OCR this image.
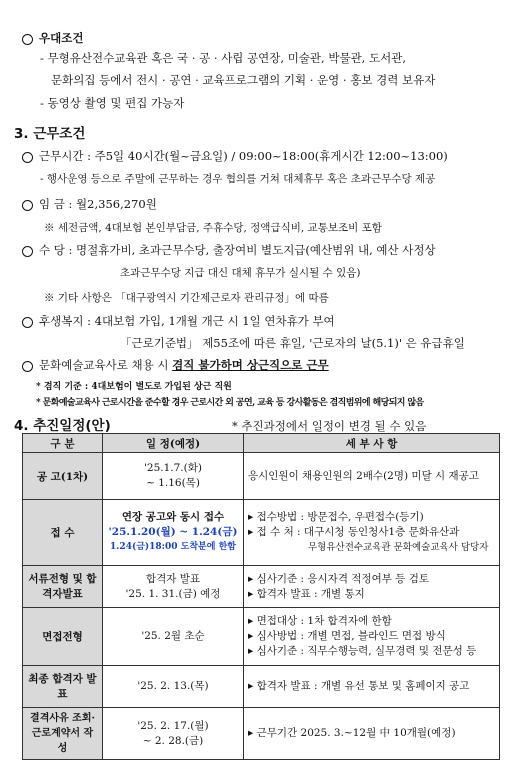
우대조건
- 무형유산전수교육관 혹은 국 · 공 · 사립 공연장, 미술관, 박물관, 도서관,
문화의집 등에서 전시 · 공연 · 교육프로그램의 기획 · 운영 · 홍보 경력 보유자
- 동영상 촬영 및 편집 가능자
3. 근무조건
근무시간 : 주5일 40시간(월~금요일) / 09:00~18:00(휴게시간 12:00~13:00)
- 행사운영 등으로 주말에 근무하는 경우 협의를 거쳐 대체휴무 혹은 초과근무수당 제공
임 금 : 월2,356,270원
※ 세전금액, 4대보험 본인부담금, 주휴수당, 정액급식비, 교통보조비 포함
수 당 : 명절휴가비, 초과근무수당, 출장여비 별도지급(예산범위 내, 예산 사정상
초과근무수당 지급 대신 대체 휴무가 실시될 수 있음)
※ 기타 사항은 「대구광역시 기간제근로자 관리규정」에 따름
후생복지 : 4대보험 가입, 1개월 개근 시 1일 연차휴가 부여
「근로기준법」 제55조에 따른 휴일, '근로자의 날(5.1)' 은 유급휴일
문화예술교육사로 채용 시 겸직 불가하며 상근직으로 근무
* 겸직 기준 : 4대보험이 별도로 가입된 상근 직원
* 문화예술교육사 근로시간을 준수할 경우 근로시간 외 공연, 교육 등 강사활동은 겸직범위에 해당되지 않음
4. 추진일정(안)	* 추진과정에서 일정이 변경 될 수 있음
구 분	일 정(예정)	세 부 사 항
공 고(1차)	'25.1.7.(화)
~ 1.16(목)	응시인원이 채용인원의 2배수(2명) 미달 시 재공고

접 수	연장 공고와 동시 접수
'25.1.20(월) ~ 1.24(금)
1.24(금)18:00 도착분에 한함	▸ 접수방법 : 방문접수, 우편접수(등기)
▸ 접 수 처 : 대구시청 동인청사1층 문화유산과
무형유산전수교육관 문화예술교육사 담당자

서류전형 및 합격자발표	합격자 발표
'25. 1. 31.(금) 예정	▸ 심사기준 : 응시자격 적정여부 등 검토
▸ 합격자 발표 : 개별 통지

면접전형	'25. 2월 초순	▸ 면접대상 : 1차 합격자에 한함
▸ 심사방법 : 개별 면접, 블라인드 면접 방식
▸ 심사기준 : 직무수행능력, 실무경력 및 전문성 등

최종 합격자 발 표	'25. 2. 13.(목)	▸ 합격자 발표 : 개별 유선 통보 및 홈페이지 공고

결격사유 조회· 근로계약서 작성	'25. 2. 17.(월)
~ 2. 28.(금)	▸ 근무기간 2025. 3.~12월 中 10개월(예정)
